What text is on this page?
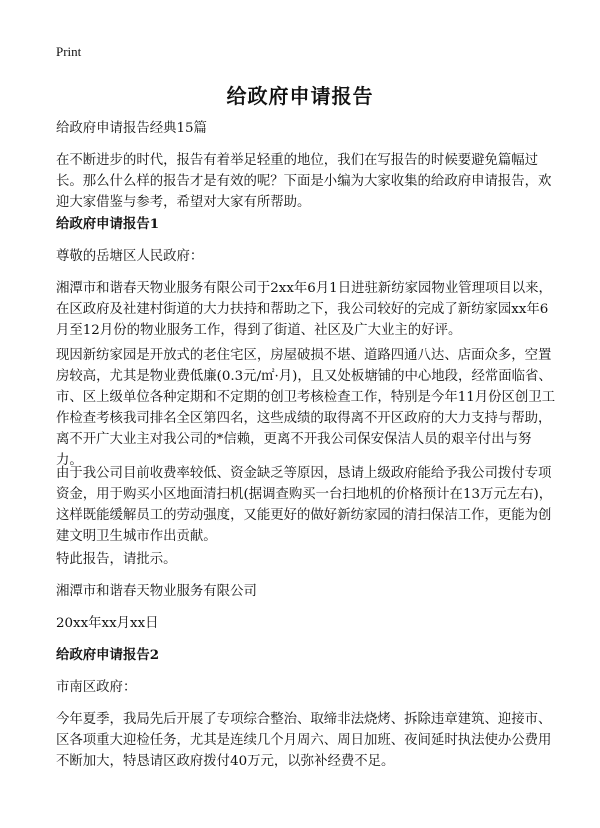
Print
给政府申请报告
给政府申请报告经典15篇
在不断进步的时代，报告有着举足轻重的地位，我们在写报告的时候要避免篇幅过长。那么什么样的报告才是有效的呢？下面是小编为大家收集的给政府申请报告，欢迎大家借鉴与参考，希望对大家有所帮助。
给政府申请报告1
尊敬的岳塘区人民政府：
湘潭市和谐春天物业服务有限公司于2xx年6月1日进驻新纺家园物业管理项目以来，在区政府及社建村街道的大力扶持和帮助之下，我公司较好的完成了新纺家园xx年6月至12月份的物业服务工作，得到了街道、社区及广大业主的好评。
现因新纺家园是开放式的老住宅区，房屋破损不堪、道路四通八达、店面众多，空置房较高，尤其是物业费低廉(0.3元/㎡·月)，且又处板塘铺的中心地段，经常面临省、市、区上级单位各种定期和不定期的创卫考核检查工作，特别是今年11月份区创卫工作检查考核我司排名全区第四名，这些成绩的取得离不开区政府的大力支持与帮助，离不开广大业主对我公司的*信赖，更离不开我公司保安保洁人员的艰辛付出与努力。
由于我公司目前收费率较低、资金缺乏等原因，恳请上级政府能给予我公司拨付专项资金，用于购买小区地面清扫机(据调查购买一台扫地机的价格预计在13万元左右)，这样既能缓解员工的劳动强度，又能更好的做好新纺家园的清扫保洁工作，更能为创建文明卫生城市作出贡献。
特此报告，请批示。
湘潭市和谐春天物业服务有限公司
20xx年xx月xx日
给政府申请报告2
市南区政府：
今年夏季，我局先后开展了专项综合整治、取缔非法烧烤、拆除违章建筑、迎接市、区各项重大迎检任务，尤其是连续几个月周六、周日加班、夜间延时执法使办公费用不断加大，特恳请区政府拨付40万元，以弥补经费不足。
